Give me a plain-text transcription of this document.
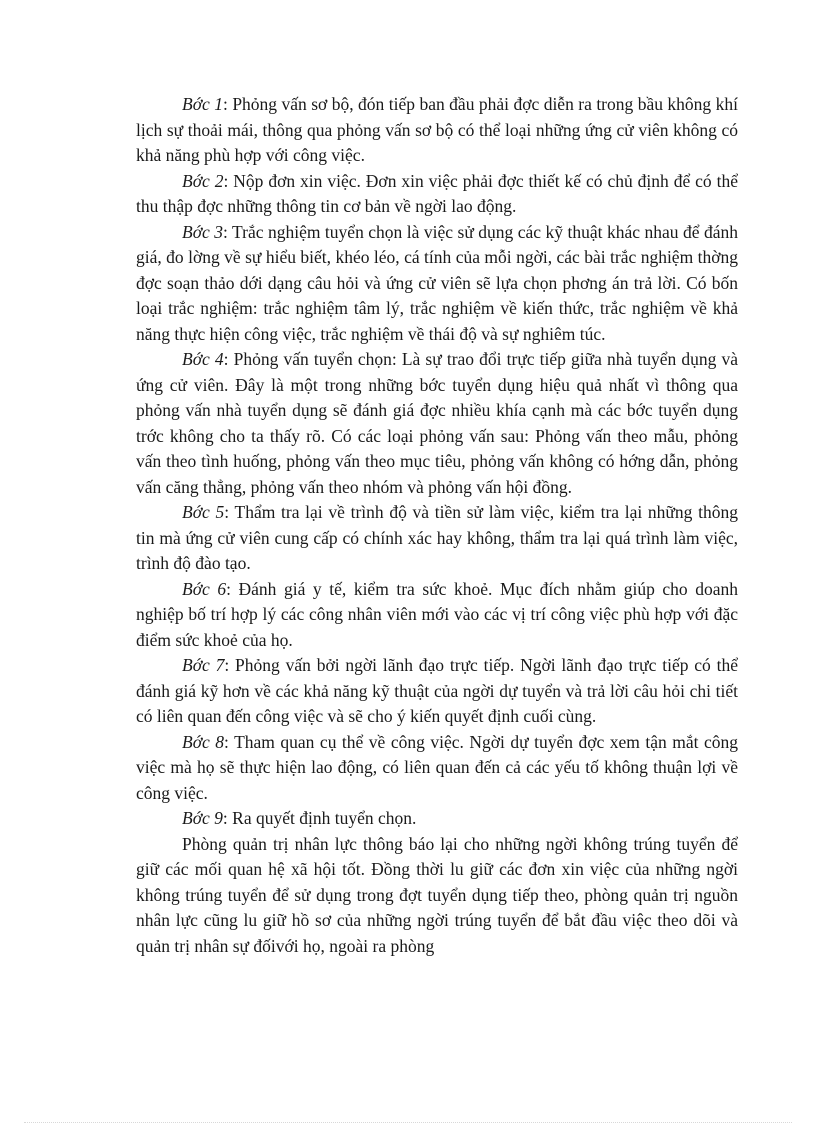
Bớc 1: Phỏng vấn sơ bộ, đón tiếp ban đầu phải đợc diễn ra trong bầu không khí lịch sự thoải mái, thông qua phỏng vấn sơ bộ có thể loại những ứng cử viên không có khả năng phù hợp với công việc.

Bớc 2: Nộp đơn xin việc. Đơn xin việc phải đợc thiết kế có chủ định để có thể thu thập đợc những thông tin cơ bản về ngời lao động.

Bớc 3: Trắc nghiệm tuyển chọn là việc sử dụng các kỹ thuật khác nhau để đánh giá, đo lờng về sự hiểu biết, khéo léo, cá tính của mỗi ngời, các bài trắc nghiệm thờng đợc soạn thảo dới dạng câu hỏi và ứng cử viên sẽ lựa chọn phơng án trả lời. Có bốn loại trắc nghiệm: trắc nghiệm tâm lý, trắc nghiệm về kiến thức, trắc nghiệm về khả năng thực hiện công việc, trắc nghiệm về thái độ và sự nghiêm túc.

Bớc 4: Phỏng vấn tuyển chọn: Là sự trao đổi trực tiếp giữa nhà tuyển dụng và ứng cử viên. Đây là một trong những bớc tuyển dụng hiệu quả nhất vì thông qua phỏng vấn nhà tuyển dụng sẽ đánh giá đợc nhiều khía cạnh mà các bớc tuyển dụng trớc không cho ta thấy rõ. Có các loại phỏng vấn sau: Phỏng vấn theo mẫu, phỏng vấn theo tình huống, phỏng vấn theo mục tiêu, phỏng vấn không có hớng dẫn, phỏng vấn căng thẳng, phỏng vấn theo nhóm và phỏng vấn hội đồng.

Bớc 5: Thẩm tra lại về trình độ và tiền sử làm việc, kiểm tra lại những thông tin mà ứng cử viên cung cấp có chính xác hay không, thẩm tra lại quá trình làm việc, trình độ đào tạo.

Bớc 6: Đánh giá y tế, kiểm tra sức khoẻ. Mục đích nhằm giúp cho doanh nghiệp bố trí hợp lý các công nhân viên mới vào các vị trí công việc phù hợp với đặc điểm sức khoẻ của họ.

Bớc 7: Phỏng vấn bởi ngời lãnh đạo trực tiếp. Ngời lãnh đạo trực tiếp có thể đánh giá kỹ hơn về các khả năng kỹ thuật của ngời dự tuyển và trả lời câu hỏi chi tiết có liên quan đến công việc và sẽ cho ý kiến quyết định cuối cùng.

Bớc 8: Tham quan cụ thể về công việc. Ngời dự tuyển đợc xem tận mắt công việc mà họ sẽ thực hiện lao động, có liên quan đến cả các yếu tố không thuận lợi về công việc.

Bớc 9: Ra quyết định tuyển chọn.

Phòng quản trị nhân lực thông báo lại cho những ngời không trúng tuyển để giữ các mối quan hệ xã hội tốt. Đồng thời lu giữ các đơn xin việc của những ngời không trúng tuyển để sử dụng trong đợt tuyển dụng tiếp theo, phòng quản trị nguồn nhân lực cũng lu giữ hồ sơ của những ngời trúng tuyển để bắt đầu việc theo dõi và quản trị nhân sự đốivới họ, ngoài ra phòng
